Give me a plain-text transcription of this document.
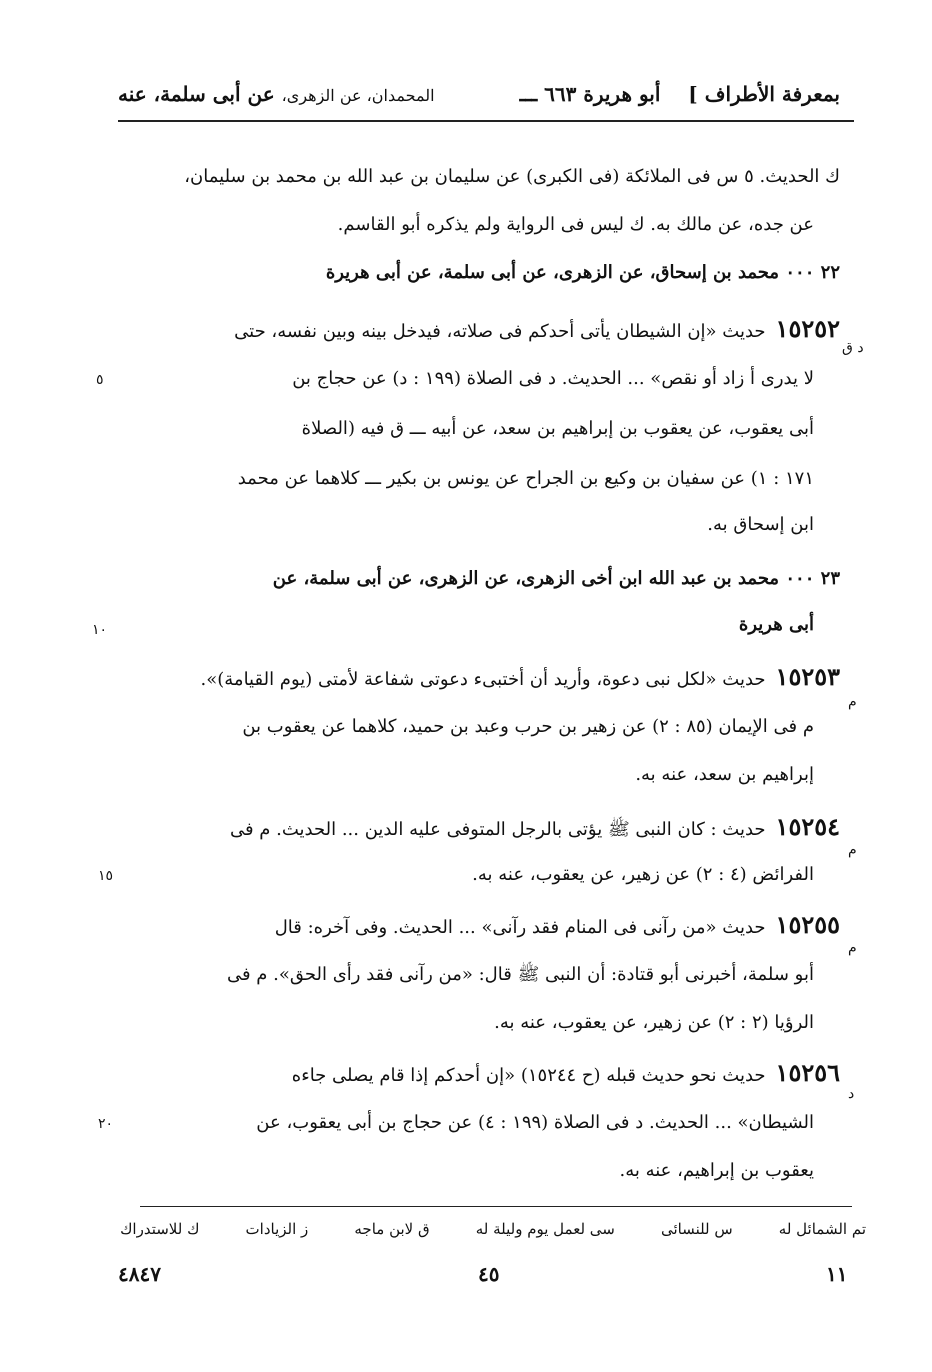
بمعرفة الأطراف ]    أبو هريرة ٦٦٣ ـــ
المحمدان، عن الزهرى، عن أبى سلمة، عنه
ك الحديث. ٥ س فى الملائكة (فى الكبرى) عن سليمان بن عبد الله بن محمد بن سليمان،
عن جده، عن مالك به. ك ليس فى الرواية ولم يذكره أبو القاسم.
٢٢ ٠٠٠ محمد بن إسحاق، عن الزهرى، عن أبى سلمة، عن أبى هريرة
١٥٢٥٢حديث «إن الشيطان يأتى أحدكم فى صلاته، فيدخل بينه وبين نفسه، حتى
لا يدرى أ زاد أو نقص» ... الحديث. د فى الصلاة (١٩٩ : د) عن حجاج بن
أبى يعقوب، عن يعقوب بن إبراهيم بن سعد، عن أبيه ـــ ق فيه (الصلاة
١٧١ : ١) عن سفيان بن وكيع بن الجراح عن يونس بن بكير ـــ كلاهما عن محمد
ابن إسحاق به.
٢٣ ٠٠٠ محمد بن عبد الله ابن أخى الزهرى، عن الزهرى، عن أبى سلمة، عن
أبى هريرة
١٥٢٥٣حديث «لكل نبى دعوة، وأريد أن أختبىء دعوتى شفاعة لأمتى (يوم القيامة)».
م فى الإيمان (٨٥ : ٢) عن زهير بن حرب وعبد بن حميد، كلاهما عن يعقوب بن
إبراهيم بن سعد، عنه به.
١٥٢٥٤حديث : كان النبى ﷺ يؤتى بالرجل المتوفى عليه الدين ... الحديث. م فى
الفرائض (٤ : ٢) عن زهير، عن يعقوب، عنه به.
١٥٢٥٥حديث «من رآنى فى المنام فقد رآنى» ... الحديث. وفى آخره: قال
أبو سلمة، أخبرنى أبو قتادة: أن النبى ﷺ قال: «من رآنى فقد رأى الحق». م فى
الرؤيا (٢ : ٢) عن زهير، عن يعقوب، عنه به.
١٥٢٥٦حديث نحو حديث قبله (ح ١٥٢٤٤) «إن أحدكم إذا قام يصلى جاءه
الشيطان» ... الحديث. د فى الصلاة (١٩٩ : ٤) عن حجاج بن أبى يعقوب، عن
يعقوب بن إبراهيم، عنه به.
٥
١٠
١٥
٢٠
د ق
م
م
م
د
تم الشمائل له
س للنسائى
سى لعمل يوم وليلة له
ق لابن ماجه
ز الزيادات
ك للاستدراك
٤٨٤٧	٤٥	١١
